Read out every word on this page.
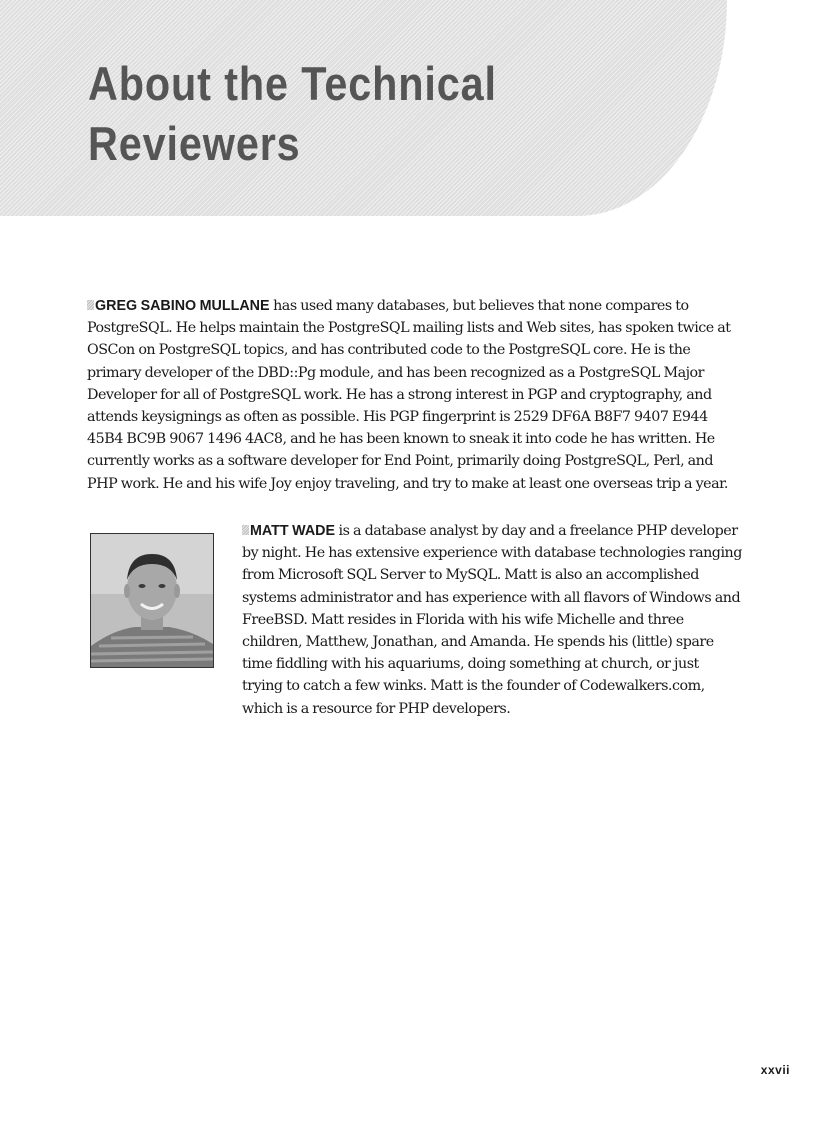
About the Technical
Reviewers

GREG SABINO MULLANE has used many databases, but believes that none compares to PostgreSQL. He helps maintain the PostgreSQL mailing lists and Web sites, has spoken twice at OSCon on PostgreSQL topics, and has contributed code to the PostgreSQL core. He is the primary developer of the DBD::Pg module, and has been recognized as a PostgreSQL Major Developer for all of PostgreSQL work. He has a strong interest in PGP and cryptography, and attends keysignings as often as possible. His PGP fingerprint is 2529 DF6A B8F7 9407 E944 45B4 BC9B 9067 1496 4AC8, and he has been known to sneak it into code he has written. He currently works as a software developer for End Point, primarily doing PostgreSQL, Perl, and PHP work. He and his wife Joy enjoy traveling, and try to make at least one overseas trip a year.

MATT WADE is a database analyst by day and a freelance PHP developer by night. He has extensive experience with database technologies ranging from Microsoft SQL Server to MySQL. Matt is also an accomplished systems administrator and has experience with all flavors of Windows and FreeBSD. Matt resides in Florida with his wife Michelle and three children, Matthew, Jonathan, and Amanda. He spends his (little) spare time fiddling with his aquariums, doing something at church, or just trying to catch a few winks. Matt is the founder of Codewalkers.com, which is a resource for PHP developers.

xxvii
